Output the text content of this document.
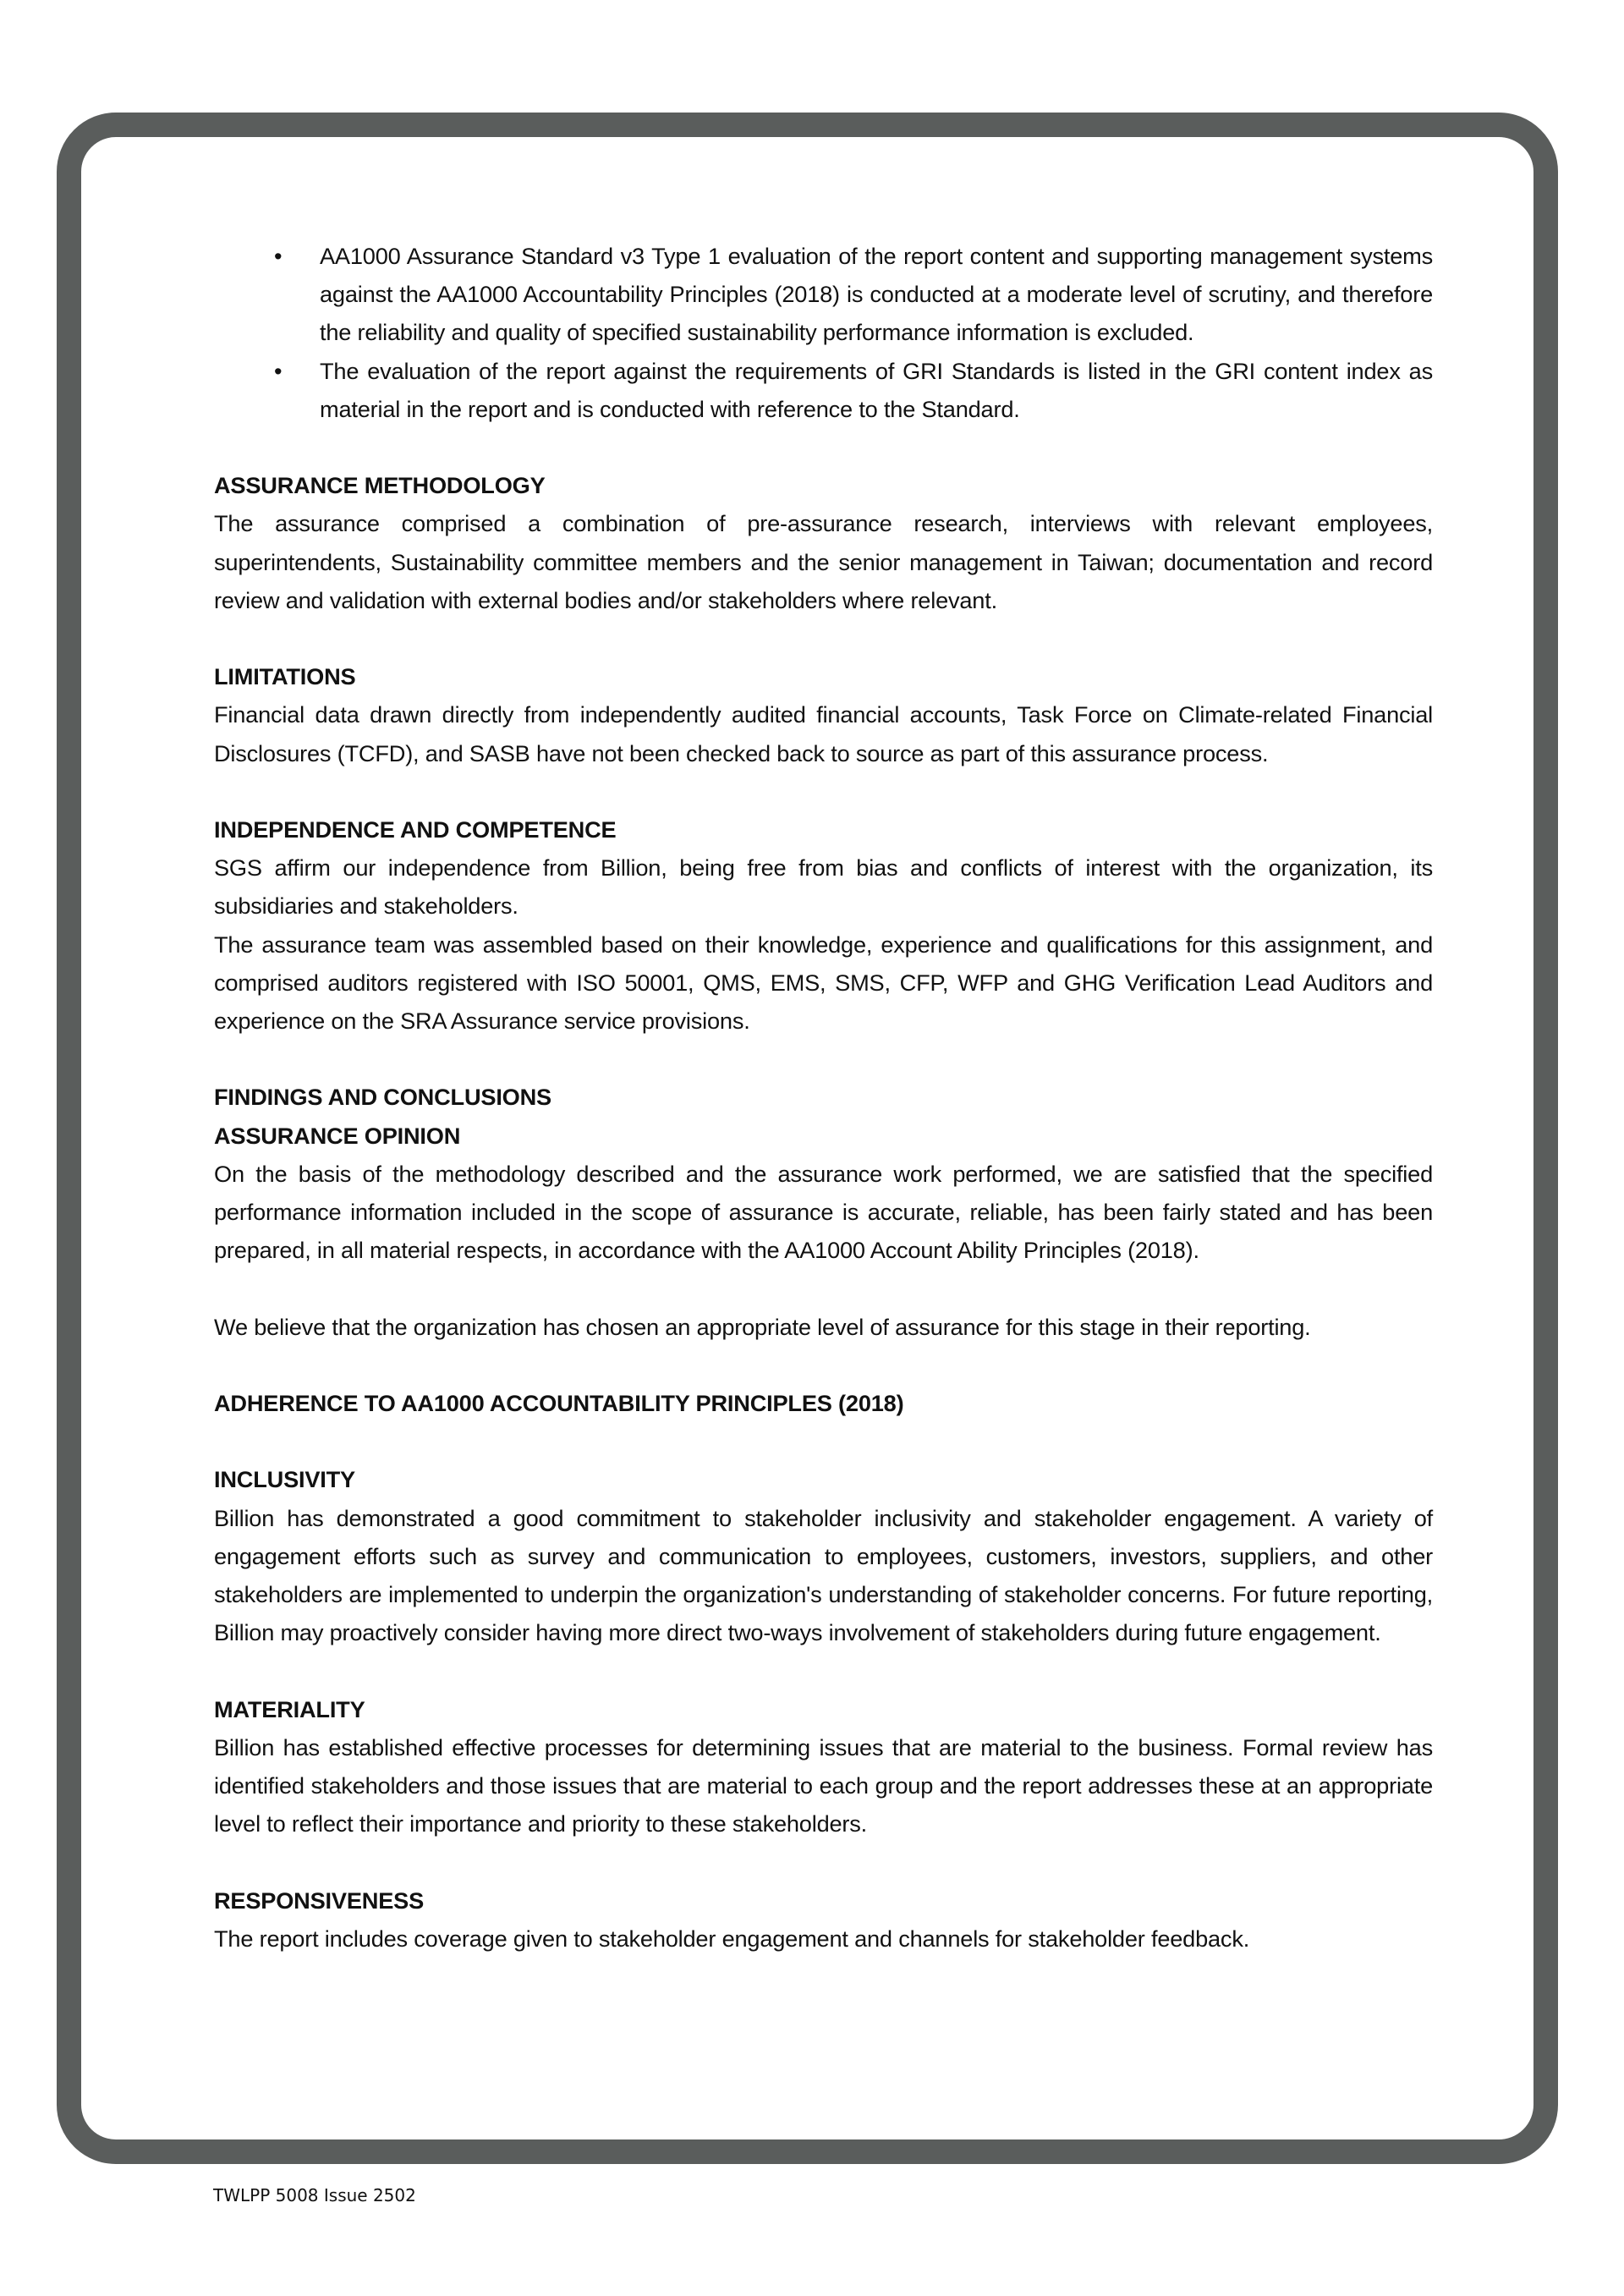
• AA1000 Assurance Standard v3 Type 1 evaluation of the report content and supporting management systems against the AA1000 Accountability Principles (2018) is conducted at a moderate level of scrutiny, and therefore the reliability and quality of specified sustainability performance information is excluded.
• The evaluation of the report against the requirements of GRI Standards is listed in the GRI content index as material in the report and is conducted with reference to the Standard.

ASSURANCE METHODOLOGY

The assurance comprised a combination of pre-assurance research, interviews with relevant employees, superintendents, Sustainability committee members and the senior management in Taiwan; documentation and record review and validation with external bodies and/or stakeholders where relevant.

LIMITATIONS

Financial data drawn directly from independently audited financial accounts, Task Force on Climate-related Financial Disclosures (TCFD), and SASB have not been checked back to source as part of this assurance process.

INDEPENDENCE AND COMPETENCE

SGS affirm our independence from Billion, being free from bias and conflicts of interest with the organization, its subsidiaries and stakeholders.

The assurance team was assembled based on their knowledge, experience and qualifications for this assignment, and comprised auditors registered with ISO 50001, QMS, EMS, SMS, CFP, WFP and GHG Verification Lead Auditors and experience on the SRA Assurance service provisions.

FINDINGS AND CONCLUSIONS

ASSURANCE OPINION

On the basis of the methodology described and the assurance work performed, we are satisfied that the specified performance information included in the scope of assurance is accurate, reliable, has been fairly stated and has been prepared, in all material respects, in accordance with the AA1000 Account Ability Principles (2018).

We believe that the organization has chosen an appropriate level of assurance for this stage in their reporting.

ADHERENCE TO AA1000 ACCOUNTABILITY PRINCIPLES (2018)

INCLUSIVITY

Billion has demonstrated a good commitment to stakeholder inclusivity and stakeholder engagement. A variety of engagement efforts such as survey and communication to employees, customers, investors, suppliers, and other stakeholders are implemented to underpin the organization's understanding of stakeholder concerns. For future reporting, Billion may proactively consider having more direct two-ways involvement of stakeholders during future engagement.

MATERIALITY

Billion has established effective processes for determining issues that are material to the business. Formal review has identified stakeholders and those issues that are material to each group and the report addresses these at an appropriate level to reflect their importance and priority to these stakeholders.

RESPONSIVENESS

The report includes coverage given to stakeholder engagement and channels for stakeholder feedback.

TWLPP 5008 Issue 2502
